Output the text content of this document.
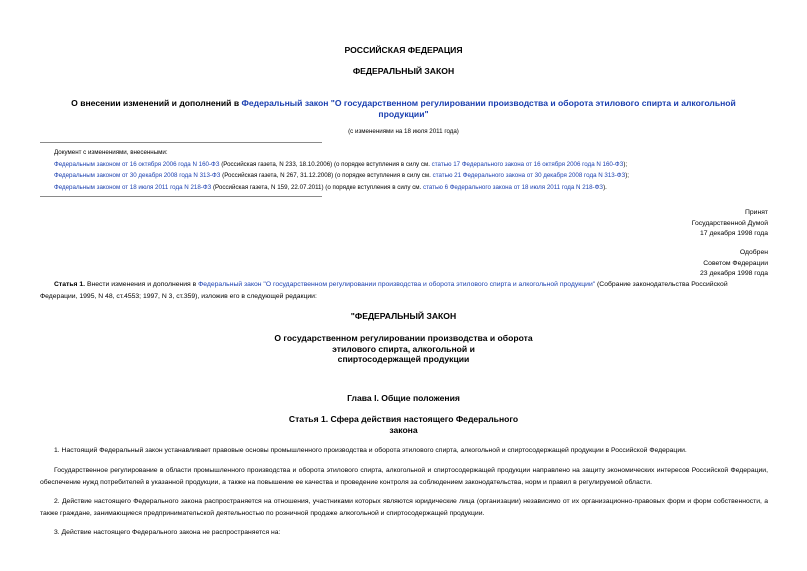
РОССИЙСКАЯ ФЕДЕРАЦИЯ
ФЕДЕРАЛЬНЫЙ ЗАКОН
О внесении изменений и дополнений в Федеральный закон "О государственном регулировании производства и оборота этилового спирта и алкогольной
продукции"
(с изменениями на 18 июля 2011 года)
Документ с изменениями, внесенными:
Федеральным законом от 16 октября 2006 года N 160-ФЗ (Российская газета, N 233, 18.10.2006) (о порядке вступления в силу см. статью 17 Федерального закона от 16 октября 2006 года N 160-ФЗ);
Федеральным законом от 30 декабря 2008 года N 313-ФЗ (Российская газета, N 267, 31.12.2008) (о порядке вступления в силу см. статью 21 Федерального закона от 30 декабря 2008 года N 313-ФЗ);
Федеральным законом от 18 июля 2011 года N 218-ФЗ (Российская газета, N 159, 22.07.2011) (о порядке вступления в силу см. статью 6 Федерального закона от 18 июля 2011 года N 218-ФЗ).
Принят
Государственной Думой
17 декабря 1998 года
Одобрен
Советом Федерации
23 декабря 1998 года
Статья 1. Внести изменения и дополнения в Федеральный закон "О государственном регулировании производства и оборота этилового спирта и алкогольной продукции" (Собрание законодательства Российской
Федерации, 1995, N 48, ст.4553; 1997, N 3, ст.359), изложив его в следующей редакции:
"ФЕДЕРАЛЬНЫЙ ЗАКОН
О государственном регулировании производства и оборота
этилового спирта, алкогольной и
спиртосодержащей продукции
Глава I. Общие положения
Статья 1. Сфера действия настоящего Федерального
закона
1. Настоящий Федеральный закон устанавливает правовые основы промышленного производства и оборота этилового спирта, алкогольной и спиртосодержащей продукции в Российской Федерации.
Государственное регулирование в области промышленного производства и оборота этилового спирта, алкогольной и спиртосодержащей продукции направлено на защиту экономических интересов Российской Федерации, обеспечение нужд потребителей в указанной продукции, а также на повышение ее качества и проведение контроля за соблюдением законодательства, норм и правил в регулируемой области.
2. Действие настоящего Федерального закона распространяется на отношения, участниками которых являются юридические лица (организации) независимо от их организационно-правовых форм и форм собственности, а также граждане, занимающиеся предпринимательской деятельностью по розничной продаже алкогольной и спиртосодержащей продукции.
3. Действие настоящего Федерального закона не распространяется на:
